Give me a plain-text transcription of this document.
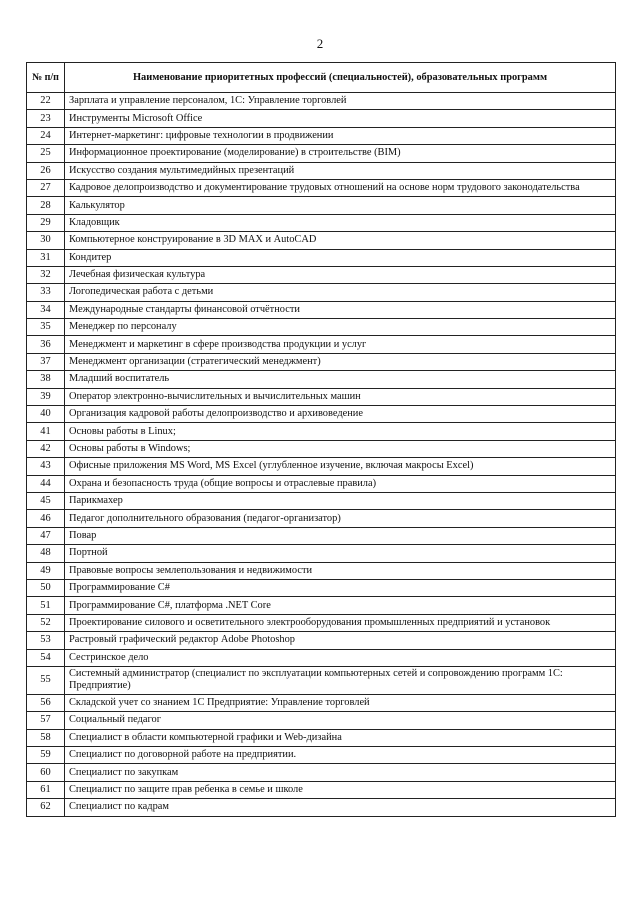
2
№ п/п	Наименование приоритетных профессий (специальностей), образовательных программ
22	Зарплата и управление персоналом, 1С: Управление торговлей
23	Инструменты Microsoft Office
24	Интернет-маркетинг: цифровые технологии в продвижении
25	Информационное проектирование (моделирование) в строительстве (BIM)
26	Искусство создания мультимедийных презентаций
27	Кадровое делопроизводство и документирование трудовых отношений на основе норм трудового законодательства
28	Калькулятор
29	Кладовщик
30	Компьютерное конструирование в 3D MAX и AutoCAD
31	Кондитер
32	Лечебная физическая культура
33	Логопедическая работа с детьми
34	Международные стандарты финансовой отчётности
35	Менеджер по персоналу
36	Менеджмент и маркетинг в сфере производства продукции и услуг
37	Менеджмент организации (стратегический менеджмент)
38	Младший воспитатель
39	Оператор электронно-вычислительных и вычислительных машин
40	Организация кадровой работы делопроизводство и архивоведение
41	Основы работы в Linux;
42	Основы работы в Windows;
43	Офисные приложения MS Word, MS Excel (углубленное изучение, включая макросы Excel)
44	Охрана и безопасность труда (общие вопросы и отраслевые правила)
45	Парикмахер
46	Педагог дополнительного образования (педагог-организатор)
47	Повар
48	Портной
49	Правовые вопросы землепользования и недвижимости
50	Программирование C#
51	Программирование C#, платформа .NET Core
52	Проектирование силового и осветительного электрооборудования промышленных предприятий и установок
53	Растровый графический редактор Adobe Photoshop
54	Сестринское дело
55	Системный администратор (специалист по эксплуатации компьютерных сетей и сопровождению программ 1С: Предприятие)
56	Складской учет со знанием 1С Предприятие: Управление торговлей
57	Социальный педагог
58	Специалист в области компьютерной графики и Web-дизайна
59	Специалист по договорной работе на предприятии.
60	Специалист по закупкам
61	Специалист по защите прав ребенка в семье и школе
62	Специалист по кадрам
